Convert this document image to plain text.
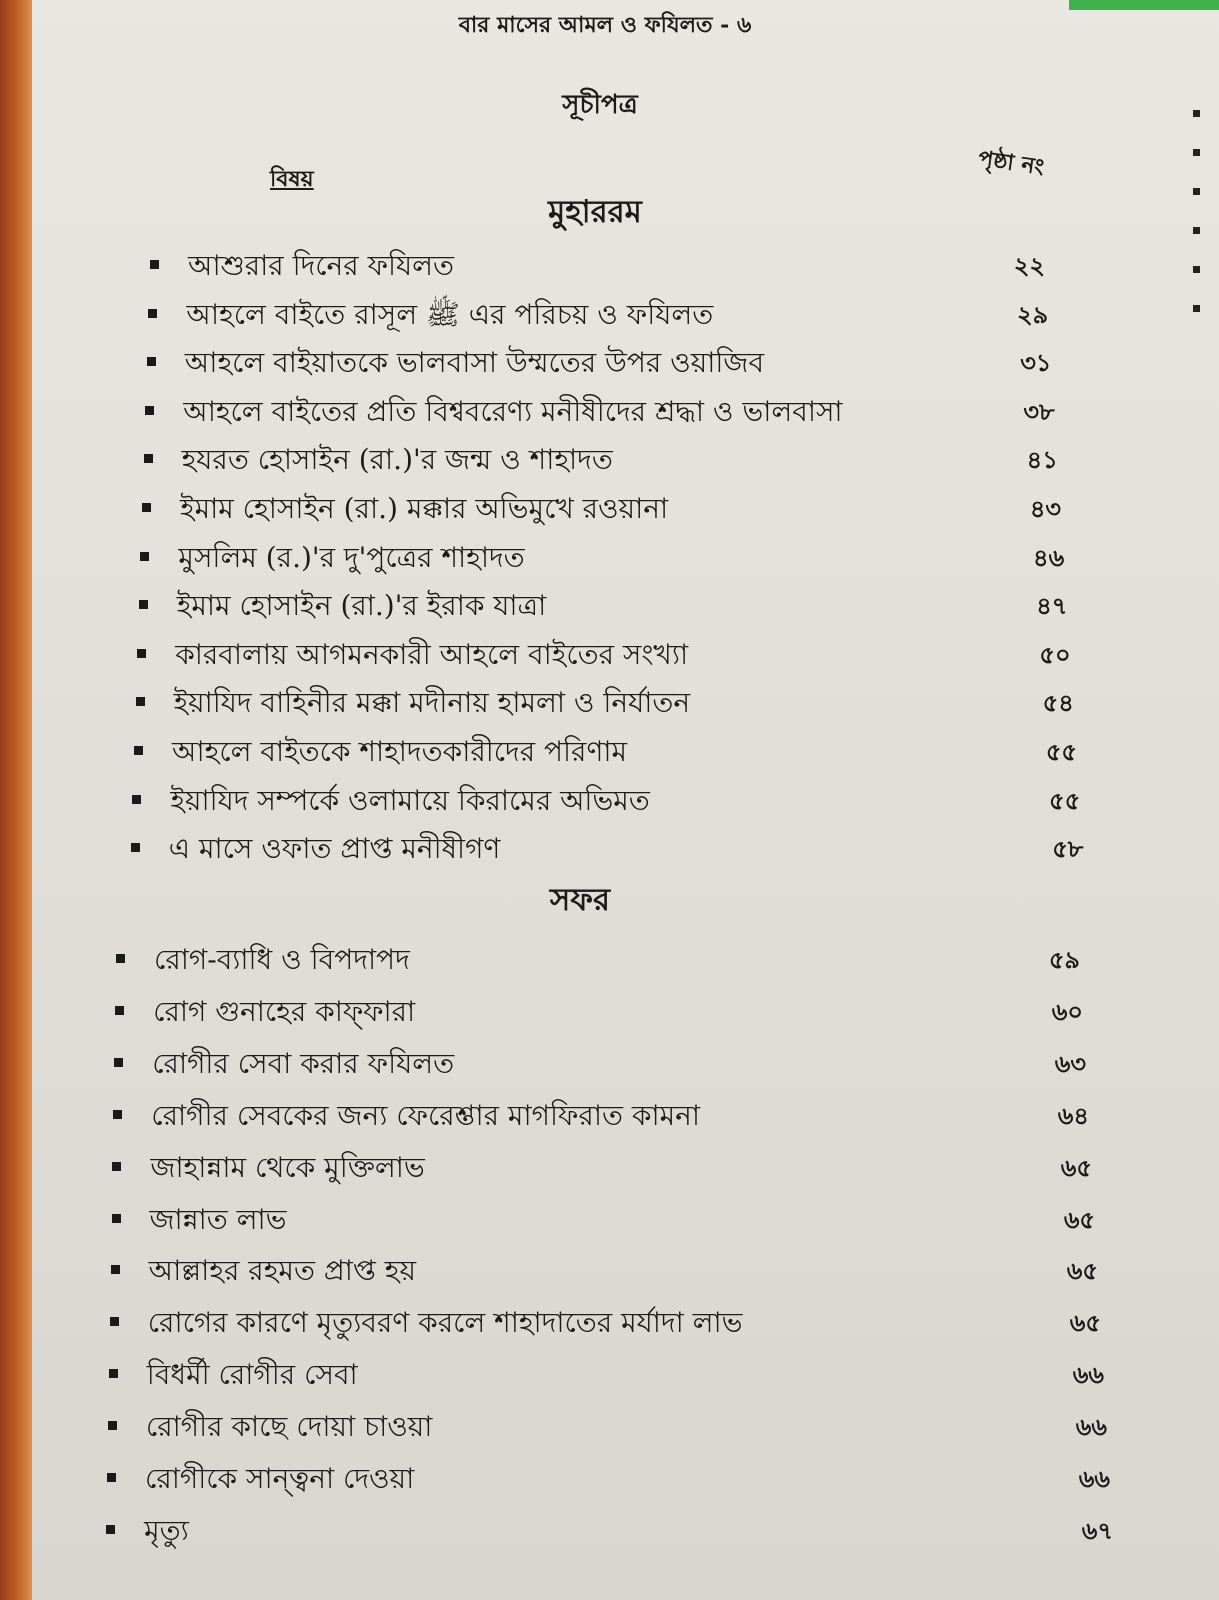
বার মাসের আমল ও ফযিলত - ৬
সূচীপত্র
বিষয়	পৃষ্ঠা নং
মুহাররম
সফর
আশুরার দিনের ফযিলত	২২
আহলে বাইতে রাসূল ﷺ এর পরিচয় ও ফযিলত	২৯
আহলে বাইয়াতকে ভালবাসা উম্মতের উপর ওয়াজিব	৩১
আহলে বাইতের প্রতি বিশ্ববরেণ্য মনীষীদের শ্রদ্ধা ও ভালবাসা	৩৮
হযরত হোসাইন (রা.)'র জন্ম ও শাহাদত	৪১
ইমাম হোসাইন (রা.) মক্কার অভিমুখে রওয়ানা	৪৩
মুসলিম (র.)'র দু'পুত্রের শাহাদত	৪৬
ইমাম হোসাইন (রা.)'র ইরাক যাত্রা	৪৭
কারবালায় আগমনকারী আহলে বাইতের সংখ্যা	৫০
ইয়াযিদ বাহিনীর মক্কা মদীনায় হামলা ও নির্যাতন	৫৪
আহলে বাইতকে শাহাদতকারীদের পরিণাম	৫৫
ইয়াযিদ সম্পর্কে ওলামায়ে কিরামের অভিমত	৫৫
এ মাসে ওফাত প্রাপ্ত মনীষীগণ	৫৮
রোগ-ব্যাধি ও বিপদাপদ	৫৯
রোগ গুনাহের কাফ্ফারা	৬০
রোগীর সেবা করার ফযিলত	৬৩
রোগীর সেবকের জন্য ফেরেশ্তার মাগফিরাত কামনা	৬৪
জাহান্নাম থেকে মুক্তিলাভ	৬৫
জান্নাত লাভ	৬৫
আল্লাহর রহমত প্রাপ্ত হয়	৬৫
রোগের কারণে মৃত্যুবরণ করলে শাহাদাতের মর্যাদা লাভ	৬৫
বিধর্মী রোগীর সেবা	৬৬
রোগীর কাছে দোয়া চাওয়া	৬৬
রোগীকে সান্ত্বনা দেওয়া	৬৬
মৃত্যু	৬৭
